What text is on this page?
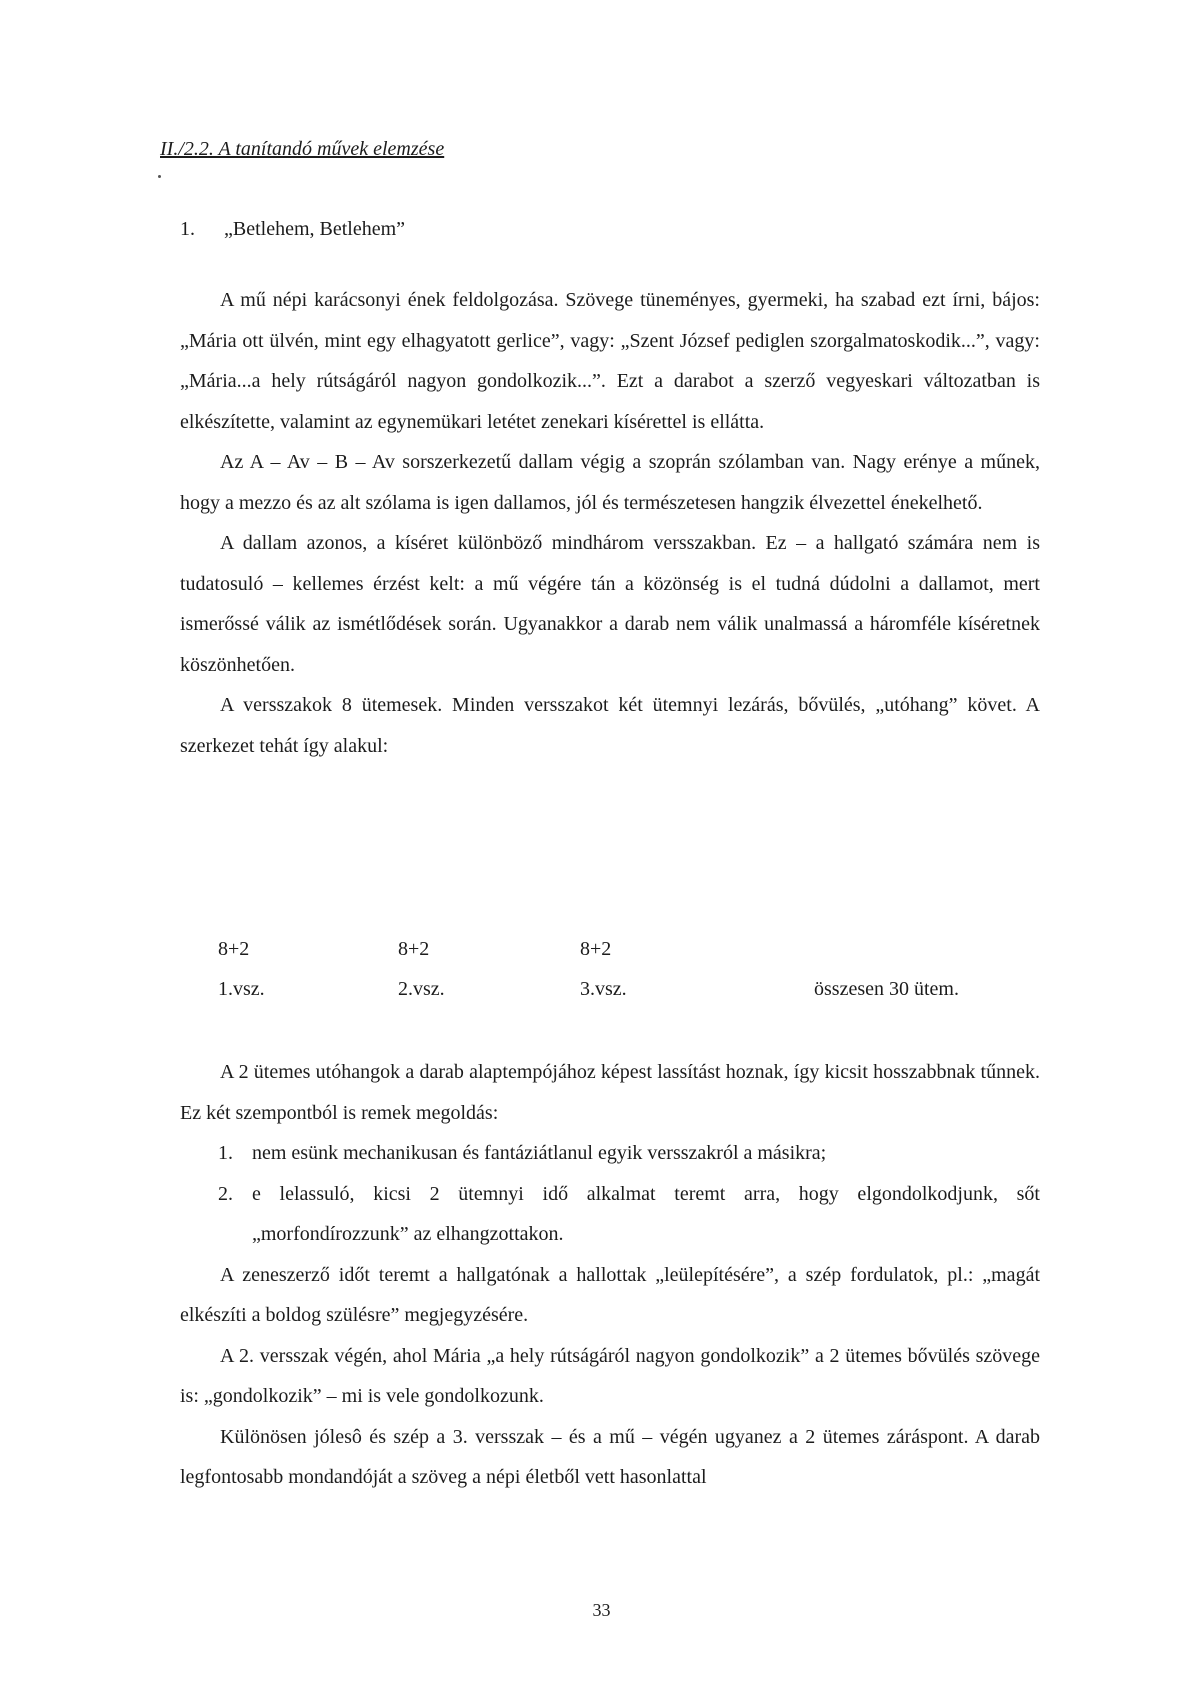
II./2.2. A tanítandó művek elemzése
1. „Betlehem, Betlehem”

A mű népi karácsonyi ének feldolgozása. Szövege tüneményes, gyermeki, ha szabad ezt írni, bájos: „Mária ott ülvén, mint egy elhagyatott gerlice”, vagy: „Szent József pediglen szorgalmatoskodik...”, vagy: „Mária...a hely rútságáról nagyon gondolkozik...”. Ezt a darabot a szerző vegyeskari változatban is elkészítette, valamint az egynemükari letétet zenekari kísérettel is ellátta.

Az A – Av – B – Av sorszerkezetű dallam végig a szoprán szólamban van. Nagy erénye a műnek, hogy a mezzo és az alt szólama is igen dallamos, jól és természetesen hangzik élvezettel énekelhető.

A dallam azonos, a kíséret különböző mindhárom versszakban. Ez – a hallgató számára nem is tudatosuló – kellemes érzést kelt: a mű végére tán a közönség is el tudná dúdolni a dallamot, mert ismerőssé válik az ismétlődések során. Ugyanakkor a darab nem válik unalmassá a háromféle kíséretnek köszönhetően.

A versszakok 8 ütemesek. Minden versszakot két ütemnyi lezárás, bővülés, „utóhang” követ. A szerkezet tehát így alakul:

8+2	8+2	8+2
1.vsz.	2.vsz.	3.vsz.	összesen 30 ütem.

A 2 ütemes utóhangok a darab alaptempójához képest lassítást hoznak, így kicsit hosszabbnak tűnnek. Ez két szempontból is remek megoldás:

1. nem esünk mechanikusan és fantáziátlanul egyik versszakról a másikra;

2. e lelassuló, kicsi 2 ütemnyi idő alkalmat teremt arra, hogy elgondolkodjunk, sőt „morfondírozzunk” az elhangzottakon.

A zeneszerző időt teremt a hallgatónak a hallottak „leülepítésére”, a szép fordulatok, pl.: „magát elkészíti a boldog szülésre” megjegyzésére.

A 2. versszak végén, ahol Mária „a hely rútságáról nagyon gondolkozik” a 2 ütemes bővülés szövege is: „gondolkozik” – mi is vele gondolkozunk.

Különösen jólesô és szép a 3. versszak – és a mű – végén ugyanez a 2 ütemes záráspont. A darab legfontosabb mondandóját a szöveg a népi életből vett hasonlattal

33
